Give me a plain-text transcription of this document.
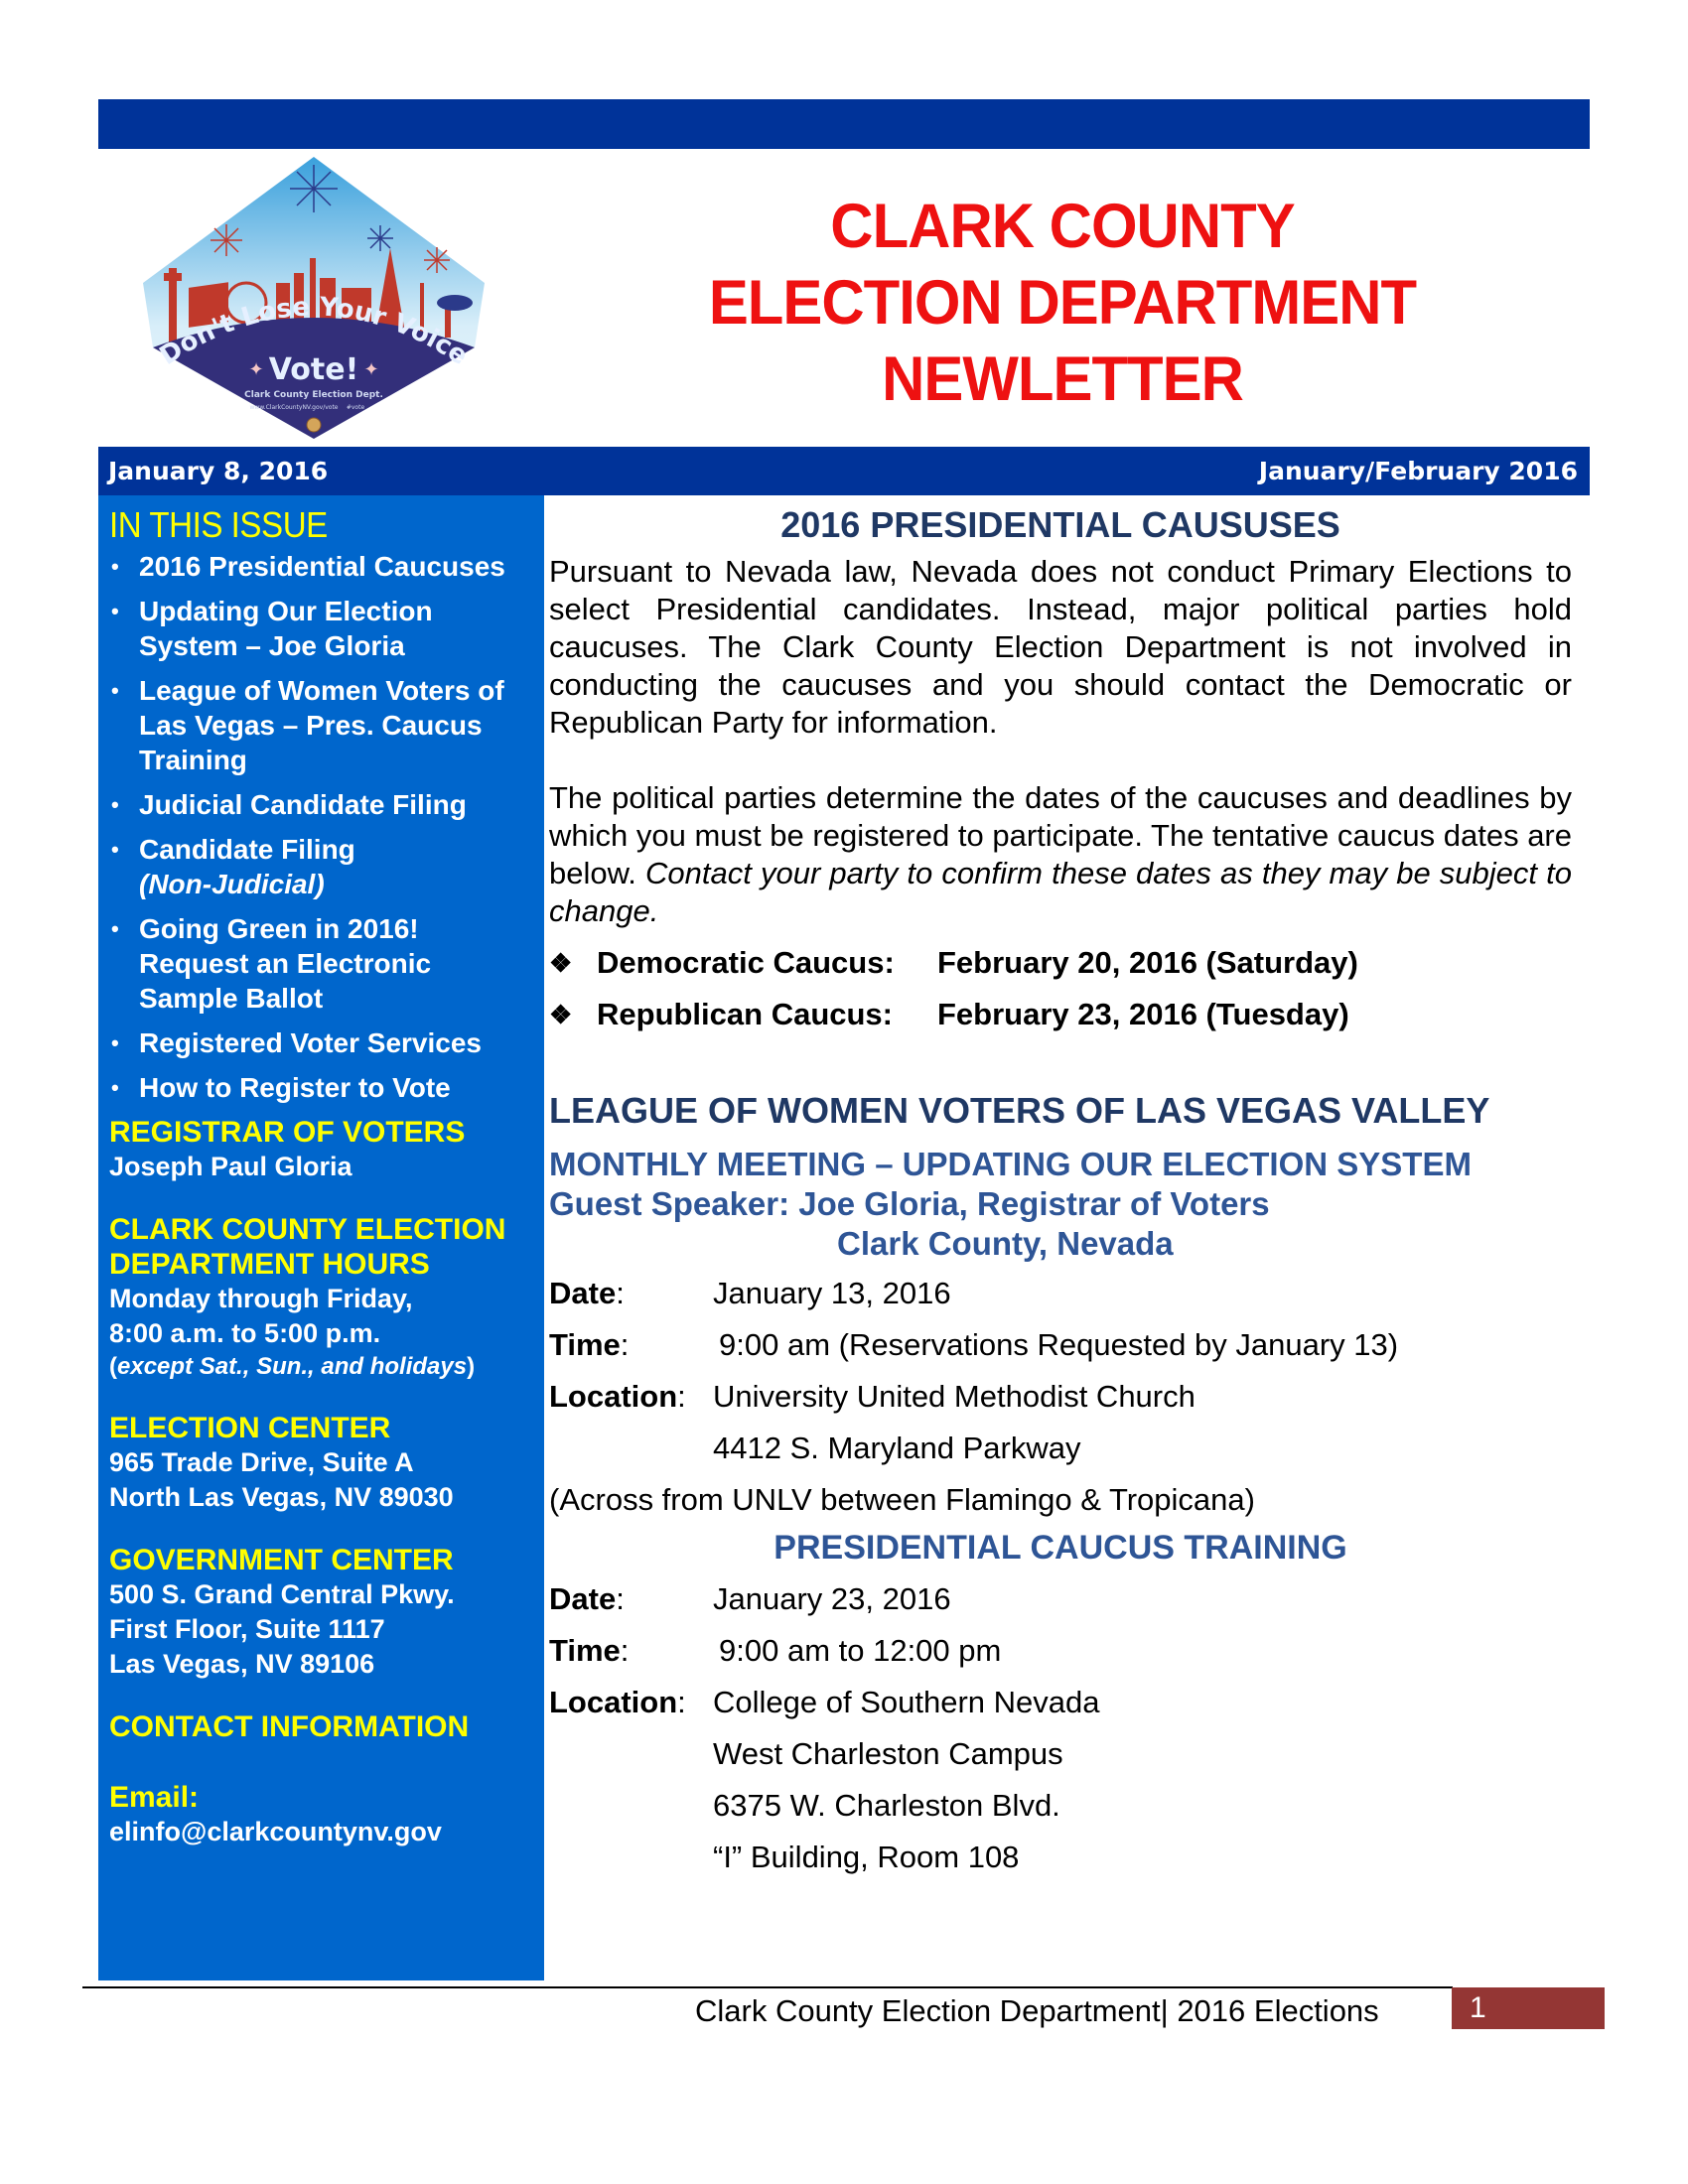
Don't Lose Your Voice
Vote!
✦	✦
Clark County Election Dept.
www.ClarkCountyNV.gov/vote #vote
CLARK COUNTY
ELECTION DEPARTMENT
NEWLETTER
January 8, 2016	January/February 2016
IN THIS ISSUE
• 2016 Presidential Caucuses
• Updating Our Election System – Joe Gloria
• League of Women Voters of Las Vegas – Pres. Caucus Training
• Judicial Candidate Filing
• Candidate Filing
(Non-Judicial)
• Going Green in 2016! Request an Electronic Sample Ballot
• Registered Voter Services
• How to Register to Vote
REGISTRAR OF VOTERS
Joseph Paul Gloria
CLARK COUNTY ELECTION DEPARTMENT HOURS
Monday through Friday,
8:00 a.m. to 5:00 p.m.
(except Sat., Sun., and holidays)
ELECTION CENTER
965 Trade Drive, Suite A
North Las Vegas, NV 89030
GOVERNMENT CENTER
500 S. Grand Central Pkwy.
First Floor, Suite 1117
Las Vegas, NV 89106
CONTACT INFORMATION
Email:
elinfo@clarkcountynv.gov
2016 PRESIDENTIAL CAUSUSES

Pursuant to Nevada law, Nevada does not conduct Primary Elections to select Presidential candidates. Instead, major political parties hold caucuses. The Clark County Election Department is not involved in conducting the caucuses and you should contact the Democratic or Republican Party for information.

The political parties determine the dates of the caucuses and deadlines by which you must be registered to participate. The tentative caucus dates are below. Contact your party to confirm these dates as they may be subject to change.

❖ Democratic Caucus:	February 20, 2016 (Saturday)
❖ Republican Caucus:	February 23, 2016 (Tuesday)
LEAGUE OF WOMEN VOTERS OF LAS VEGAS VALLEY
MONTHLY MEETING – UPDATING OUR ELECTION SYSTEM
Guest Speaker: Joe Gloria, Registrar of Voters
Clark County, Nevada
Date:	January 13, 2016
Time:	9:00 am (Reservations Requested by January 13)
Location: University United Methodist Church
4412 S. Maryland Parkway
(Across from UNLV between Flamingo & Tropicana)
PRESIDENTIAL CAUCUS TRAINING
Date:	January 23, 2016
Time:	9:00 am to 12:00 pm
Location: College of Southern Nevada
West Charleston Campus
6375 W. Charleston Blvd.
“I” Building, Room 108
Clark County Election Department| 2016 Elections	1
